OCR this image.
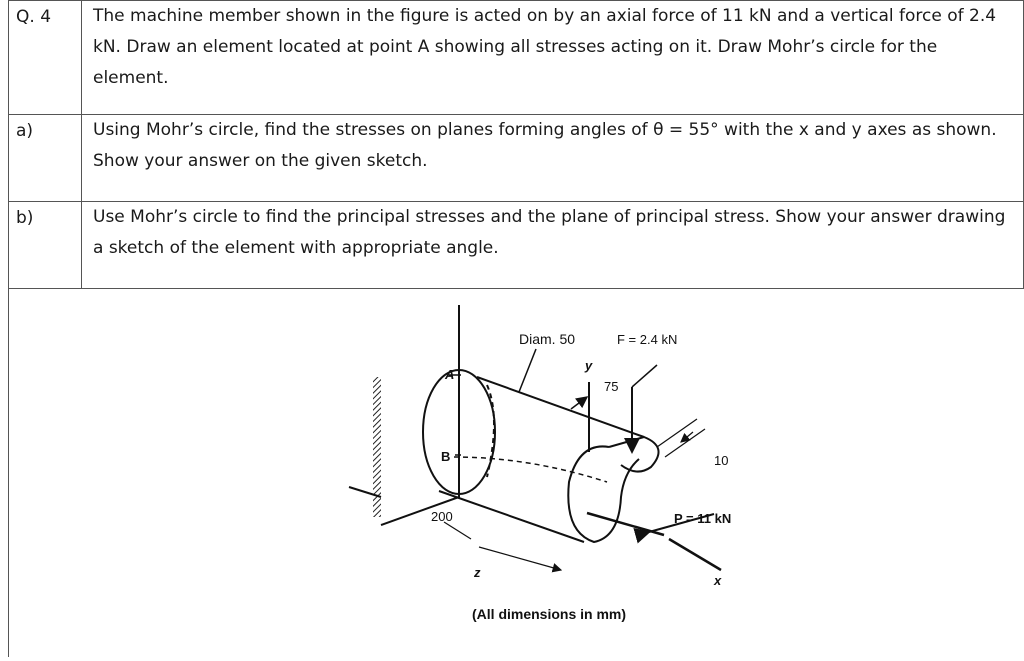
Q. 4	The machine member shown in the figure is acted on by an axial force of 11 kN and a vertical force of 2.4 kN. Draw an element located at point A showing all stresses acting on it. Draw Mohr’s circle for the element.
a)	Using Mohr’s circle, find the stresses on planes forming angles of θ = 55° with the x and y axes as shown. Show your answer on the given sketch.
b)	Use Mohr’s circle to find the principal stresses and the plane of principal stress. Show your answer drawing a sketch of the element with appropriate angle.
Diam. 50	F = 2.4 kN
y
75
A
B	10
P = 11 kN
200
z
x
(All dimensions in mm)
